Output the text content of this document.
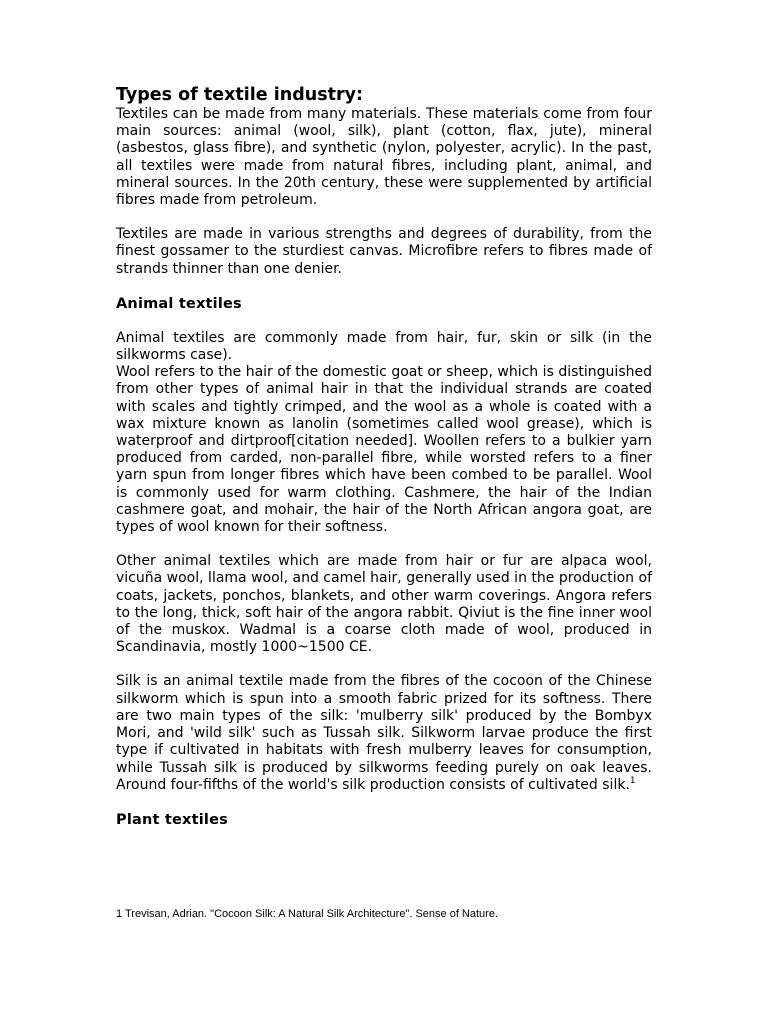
Types of textile industry:

Textiles can be made from many materials. These materials come from four main sources: animal (wool, silk), plant (cotton, flax, jute), mineral (asbestos, glass fibre), and synthetic (nylon, polyester, acrylic). In the past, all textiles were made from natural fibres, including plant, animal, and mineral sources. In the 20th century, these were supplemented by artificial fibres made from petroleum.

Textiles are made in various strengths and degrees of durability, from the finest gossamer to the sturdiest canvas. Microfibre refers to fibres made of strands thinner than one denier.

Animal textiles

Animal textiles are commonly made from hair, fur, skin or silk (in the silkworms case).

Wool refers to the hair of the domestic goat or sheep, which is distinguished from other types of animal hair in that the individual strands are coated with scales and tightly crimped, and the wool as a whole is coated with a wax mixture known as lanolin (sometimes called wool grease), which is waterproof and dirtproof[citation needed]. Woollen refers to a bulkier yarn produced from carded, non-parallel fibre, while worsted refers to a finer yarn spun from longer fibres which have been combed to be parallel. Wool is commonly used for warm clothing. Cashmere, the hair of the Indian cashmere goat, and mohair, the hair of the North African angora goat, are types of wool known for their softness.

Other animal textiles which are made from hair or fur are alpaca wool, vicuña wool, llama wool, and camel hair, generally used in the production of coats, jackets, ponchos, blankets, and other warm coverings. Angora refers to the long, thick, soft hair of the angora rabbit. Qiviut is the fine inner wool of the muskox. Wadmal is a coarse cloth made of wool, produced in Scandinavia, mostly 1000~1500 CE.

Silk is an animal textile made from the fibres of the cocoon of the Chinese silkworm which is spun into a smooth fabric prized for its softness. There are two main types of the silk: 'mulberry silk' produced by the Bombyx Mori, and 'wild silk' such as Tussah silk. Silkworm larvae produce the first type if cultivated in habitats with fresh mulberry leaves for consumption, while Tussah silk is produced by silkworms feeding purely on oak leaves. Around four-fifths of the world's silk production consists of cultivated silk.$^1$

Plant textiles
1 Trevisan, Adrian. "Cocoon Silk: A Natural Silk Architecture". Sense of Nature.
